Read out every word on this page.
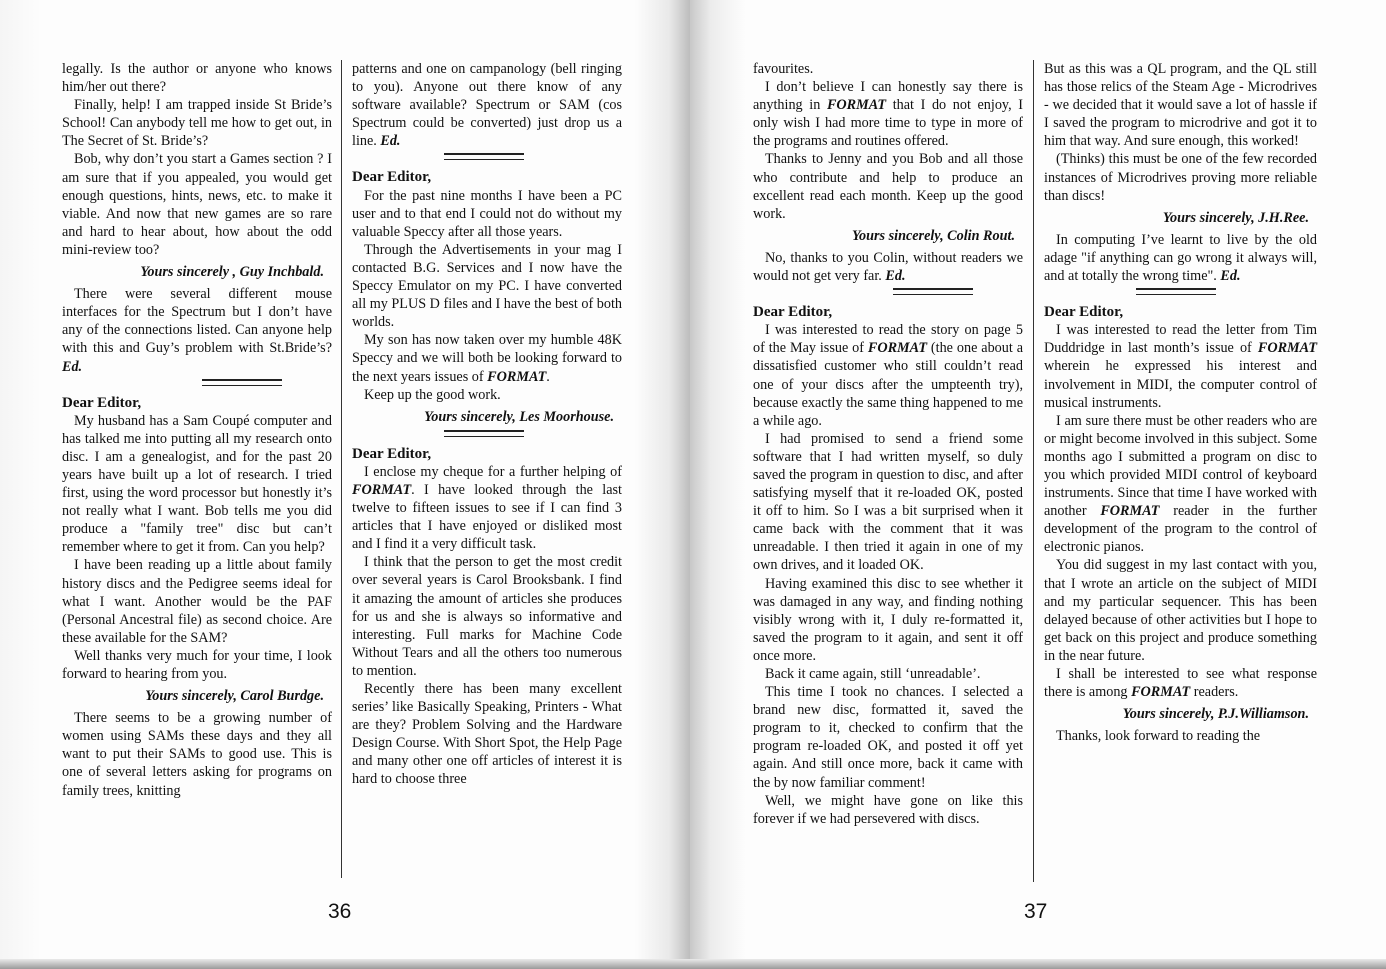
legally. Is the author or anyone who knows him/her out there?

Finally, help! I am trapped inside St Bride’s School! Can anybody tell me how to get out, in The Secret of St. Bride’s?

Bob, why don’t you start a Games section ? I am sure that if you appealed, you would get enough questions, hints, news, etc. to make it viable. And now that new games are so rare and hard to hear about, how about the odd mini-review too?

Yours sincerely , Guy Inchbald.

There were several different mouse interfaces for the Spectrum but I don’t have any of the connections listed. Can anyone help with this and Guy’s problem with St.Bride’s? Ed.

Dear Editor,

My husband has a Sam Coupé computer and has talked me into putting all my research onto disc. I am a genealogist, and for the past 20 years have built up a lot of research. I tried first, using the word processor but honestly it’s not really what I want. Bob tells me you did produce a "family tree" disc but can’t remember where to get it from. Can you help?

I have been reading up a little about family history discs and the Pedigree seems ideal for what I want. Another would be the PAF (Personal Ancestral file) as second choice. Are these available for the SAM?

Well thanks very much for your time, I look forward to hearing from you.

Yours sincerely, Carol Burdge.

There seems to be a growing number of women using SAMs these days and they all want to put their SAMs to good use. This is one of several letters asking for programs on family trees, knitting

patterns and one on campanology (bell ringing to you). Anyone out there know of any software available? Spectrum or SAM (cos Spectrum could be converted) just drop us a line. Ed.

Dear Editor,

For the past nine months I have been a PC user and to that end I could not do without my valuable Speccy after all those years.

Through the Advertisements in your mag I contacted B.G. Services and I now have the Speccy Emulator on my PC. I have converted all my PLUS D files and I have the best of both worlds.

My son has now taken over my humble 48K Speccy and we will both be looking forward to the next years issues of FORMAT.

Keep up the good work.

Yours sincerely, Les Moorhouse.

Dear Editor,

I enclose my cheque for a further helping of FORMAT. I have looked through the last twelve to fifteen issues to see if I can find 3 articles that I have enjoyed or disliked most and I find it a very difficult task.

I think that the person to get the most credit over several years is Carol Brooksbank. I find it amazing the amount of articles she produces for us and she is always so informative and interesting. Full marks for Machine Code Without Tears and all the others too numerous to mention.

Recently there has been many excellent series’ like Basically Speaking, Printers - What are they? Problem Solving and the Hardware Design Course. With Short Spot, the Help Page and many other one off articles of interest it is hard to choose three

36

favourites.

I don’t believe I can honestly say there is anything in FORMAT that I do not enjoy, I only wish I had more time to type in more of the programs and routines offered.

Thanks to Jenny and you Bob and all those who contribute and help to produce an excellent read each month. Keep up the good work.

Yours sincerely, Colin Rout.

No, thanks to you Colin, without readers we would not get very far. Ed.

Dear Editor,

I was interested to read the story on page 5 of the May issue of FORMAT (the one about a dissatisfied customer who still couldn’t read one of your discs after the umpteenth try), because exactly the same thing happened to me a while ago.

I had promised to send a friend some software that I had written myself, so duly saved the program in question to disc, and after satisfying myself that it re-loaded OK, posted it off to him. So I was a bit surprised when it came back with the comment that it was unreadable. I then tried it again in one of my own drives, and it loaded OK.

Having examined this disc to see whether it was damaged in any way, and finding nothing visibly wrong with it, I duly re-formatted it, saved the program to it again, and sent it off once more.

Back it came again, still ‘unreadable’.

This time I took no chances. I selected a brand new disc, formatted it, saved the program to it, checked to confirm that the program re-loaded OK, and posted it off yet again. And still once more, back it came with the by now familiar comment!

Well, we might have gone on like this forever if we had persevered with discs.

But as this was a QL program, and the QL still has those relics of the Steam Age - Microdrives - we decided that it would save a lot of hassle if I saved the program to microdrive and got it to him that way. And sure enough, this worked!

(Thinks) this must be one of the few recorded instances of Microdrives proving more reliable than discs!

Yours sincerely, J.H.Ree.

In computing I’ve learnt to live by the old adage "if anything can go wrong it always will, and at totally the wrong time". Ed.

Dear Editor,

I was interested to read the letter from Tim Duddridge in last month’s issue of FORMAT wherein he expressed his interest and involvement in MIDI, the computer control of musical instruments.

I am sure there must be other readers who are or might become involved in this subject. Some months ago I submitted a program on disc to you which provided MIDI control of keyboard instruments. Since that time I have worked with another FORMAT reader in the further development of the program to the control of electronic pianos.

You did suggest in my last contact with you, that I wrote an article on the subject of MIDI and my particular sequencer. This has been delayed because of other activities but I hope to get back on this project and produce something in the near future.

I shall be interested to see what response there is among FORMAT readers.

Yours sincerely, P.J.Williamson.

Thanks, look forward to reading the

37
